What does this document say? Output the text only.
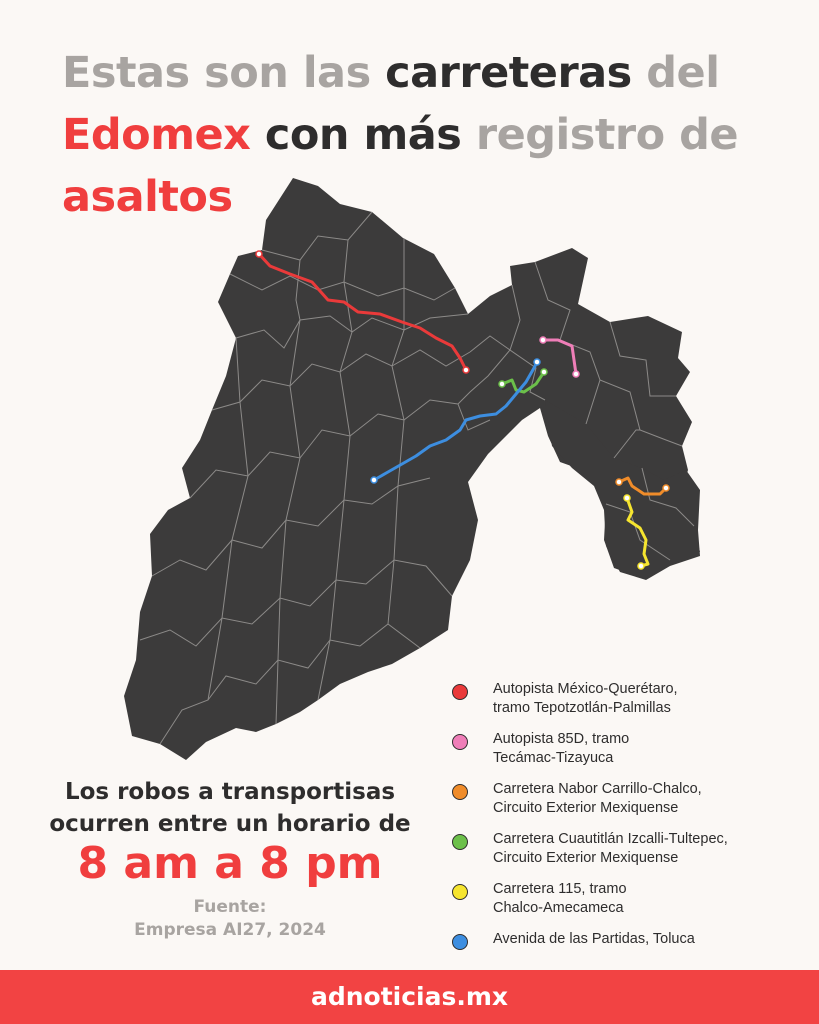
Estas son las carreteras del
Edomex con más registro de
asaltos
Los robos a transportisas
ocurren entre un horario de
8 am a 8 pm
Fuente:
Empresa AI27, 2024
Autopista México-Querétaro,
tramo Tepotzotlán-Palmillas
Autopista 85D, tramo
Tecámac-Tizayuca
Carretera Nabor Carrillo-Chalco,
Circuito Exterior Mexiquense
Carretera Cuautitlán Izcalli-Tultepec,
Circuito Exterior Mexiquense
Carretera 115, tramo
Chalco-Amecameca
Avenida de las Partidas, Toluca
adnoticias.mx
